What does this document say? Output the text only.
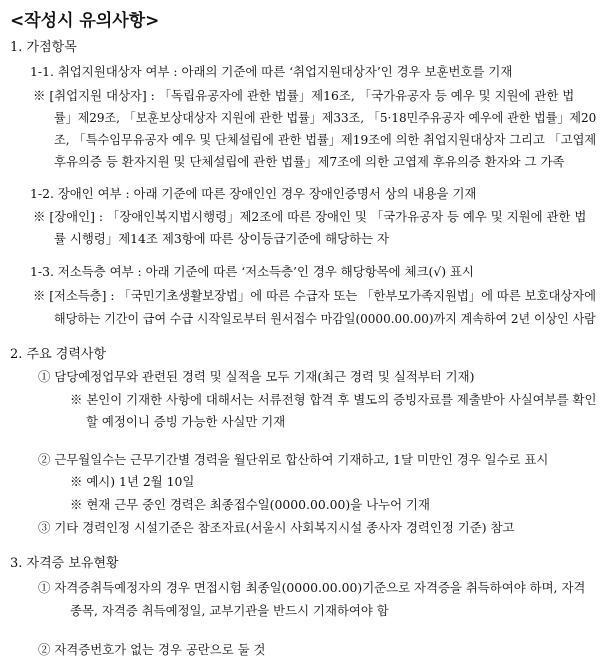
<작성시 유의사항>
1. 가점항목
1-1. 취업지원대상자 여부 : 아래의 기준에 따른 ‘취업지원대상자’인 경우 보훈번호를 기재
※ [취업지원 대상자] : 「독립유공자에 관한 법률」제16조, 「국가유공자 등 예우 및 지원에 관한 법
률」제29조, 「보훈보상대상자 지원에 관한 법률」제33조, 「5·18민주유공자 예우에 관한 법률」제20
조, 「특수임무유공자 예우 및 단체설립에 관한 법률」제19조에 의한 취업지원대상자 그리고 「고엽제
후유의증 등 환자지원 및 단체설립에 관한 법률」제7조에 의한 고엽제 후유의증 환자와 그 가족
1-2. 장애인 여부 : 아래 기준에 따른 장애인인 경우 장애인증명서 상의 내용을 기재
※ [장애인] : 「장애인복지법시행령」제2조에 따른 장애인 및 「국가유공자 등 예우 및 지원에 관한 법
률 시행령」제14조 제3항에 따른 상이등급기준에 해당하는 자
1-3. 저소득층 여부 : 아래 기준에 따른 ‘저소득층’인 경우 해당항목에 체크(√) 표시
※ [저소득층] : 「국민기초생활보장법」에 따른 수급자 또는 「한부모가족지원법」에 따른 보호대상자에
해당하는 기간이 급여 수급 시작일로부터 원서접수 마감일(0000.00.00)까지 계속하여 2년 이상인 사람
2. 주요 경력사항
① 담당예정업무와 관련된 경력 및 실적을 모두 기재(최근 경력 및 실적부터 기재)
※ 본인이 기재한 사항에 대해서는 서류전형 합격 후 별도의 증빙자료를 제출받아 사실여부를 확인
할 예정이니 증빙 가능한 사실만 기재
② 근무월일수는 근무기간별 경력을 월단위로 합산하여 기재하고, 1달 미만인 경우 일수로 표시
※ 예시) 1년 2월 10일
※ 현재 근무 중인 경력은 최종접수일(0000.00.00)을 나누어 기재
③ 기타 경력인정 시설기준은 참조자료(서울시 사회복지시설 종사자 경력인정 기준) 참고
3. 자격증 보유현황
① 자격증취득예정자의 경우 면접시험 최종일(0000.00.00)기준으로 자격증을 취득하여야 하며, 자격
종목, 자격증 취득예정일, 교부기관을 반드시 기재하여야 함
② 자격증번호가 없는 경우 공란으로 둘 것
